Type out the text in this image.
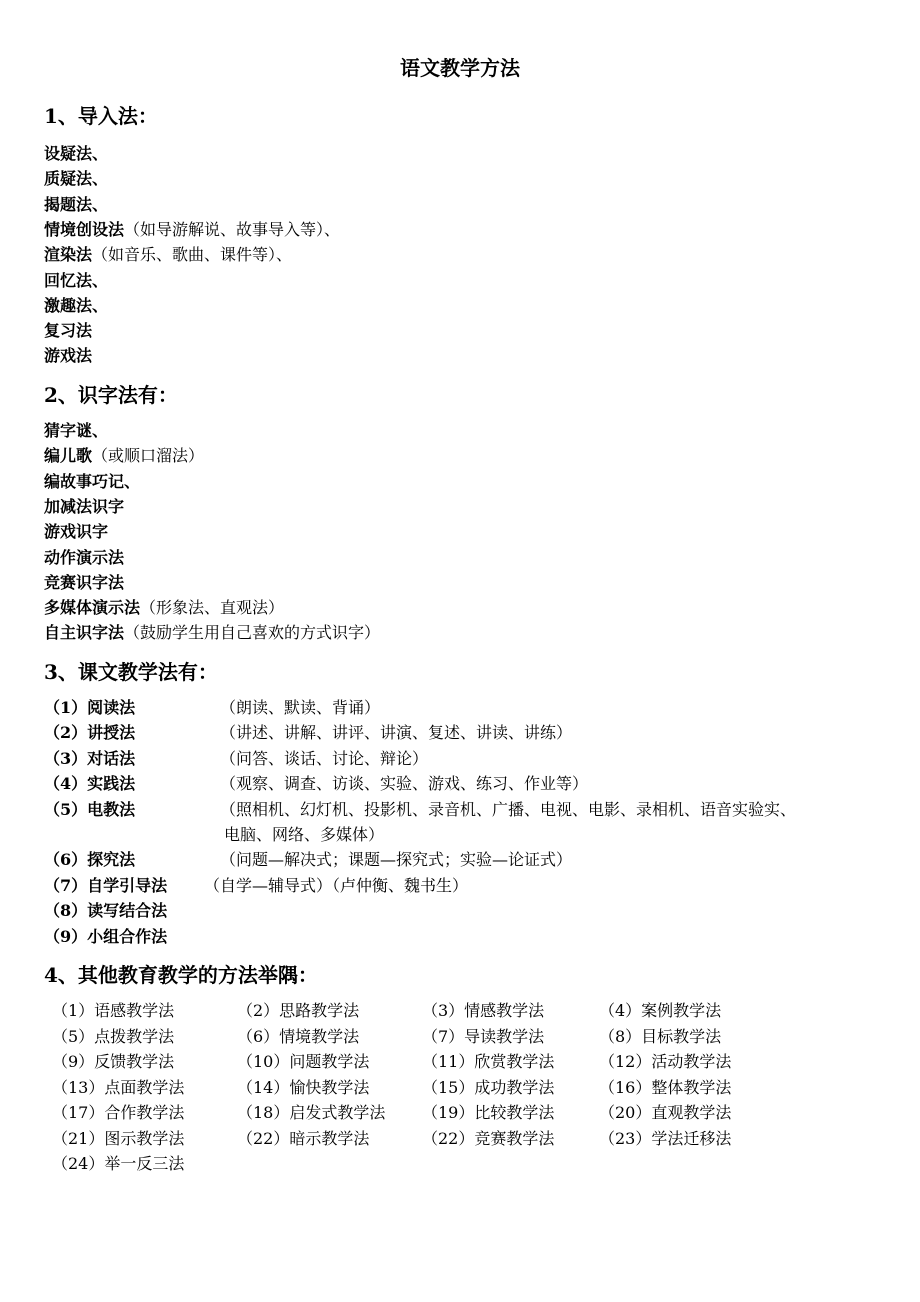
语文教学方法
1、导入法：
设疑法、
质疑法、
揭题法、
情境创设法（如导游解说、故事导入等）、
渲染法（如音乐、歌曲、课件等）、
回忆法、
激趣法、
复习法
游戏法
2、识字法有：
猜字谜、
编儿歌（或顺口溜法）
编故事巧记、
加减法识字
游戏识字
动作演示法
竞赛识字法
多媒体演示法（形象法、直观法）
自主识字法（鼓励学生用自己喜欢的方式识字）
3、课文教学法有：
（1）阅读法	（朗读、默读、背诵）
（2）讲授法	（讲述、讲解、讲评、讲演、复述、讲读、讲练）
（3）对话法	（问答、谈话、讨论、辩论）
（4）实践法	（观察、调查、访谈、实验、游戏、练习、作业等）
（5）电教法	（照相机、幻灯机、投影机、录音机、广播、电视、电影、录相机、语音实验实、
电脑、网络、多媒体）
（6）探究法	（问题—解决式；课题—探究式；实验—论证式）
（7）自学引导法 （自学—辅导式）（卢仲衡、魏书生）
（8）读写结合法
（9）小组合作法
4、其他教育教学的方法举隅：
（1）语感教学法	（2）思路教学法	（3）情感教学法	（4）案例教学法
（5）点拨教学法	（6）情境教学法	（7）导读教学法	（8）目标教学法
（9）反馈教学法	（10）问题教学法	（11）欣赏教学法	（12）活动教学法
（13）点面教学法	（14）愉快教学法	（15）成功教学法	（16）整体教学法
（17）合作教学法	（18）启发式教学法 （19）比较教学法	（20）直观教学法
（21）图示教学法	（22）暗示教学法	（22）竞赛教学法	（23）学法迁移法
（24）举一反三法
